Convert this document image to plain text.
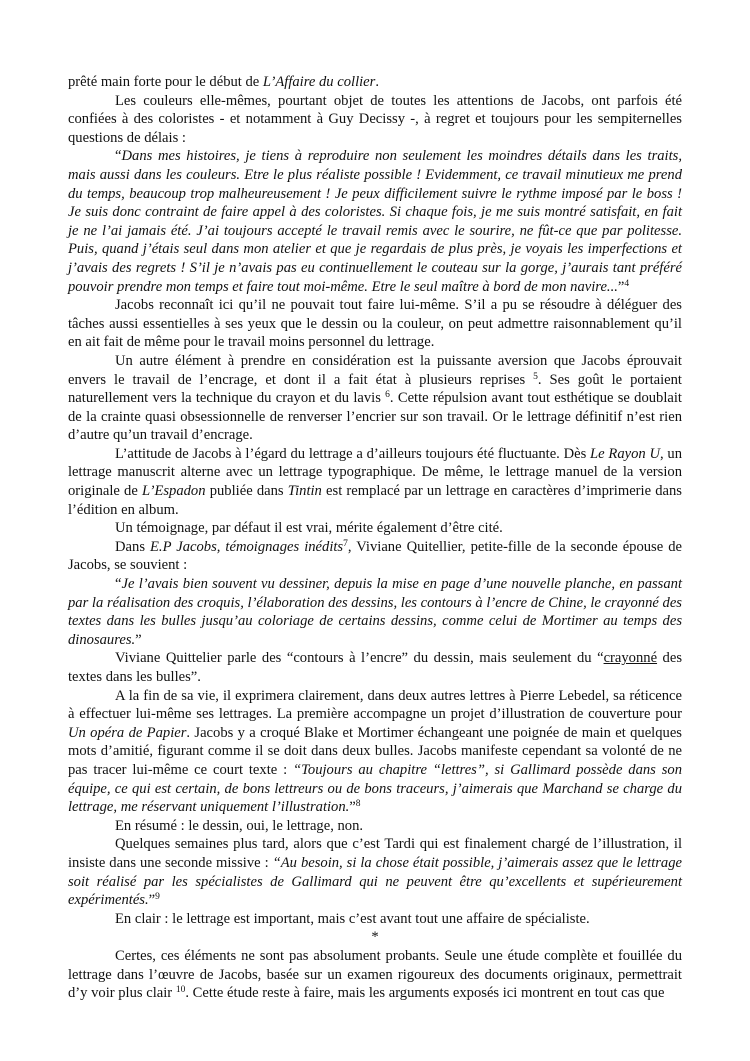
prêté main forte pour le début de L’Affaire du collier.

Les couleurs elle-mêmes, pourtant objet de toutes les attentions de Jacobs, ont parfois été confiées à des coloristes - et notamment à Guy Decissy -, à regret et toujours pour les sempiternelles questions de délais :

“Dans mes histoires, je tiens à reproduire non seulement les moindres détails dans les traits, mais aussi dans les couleurs. Etre le plus réaliste possible ! Evidemment, ce travail minutieux me prend du temps, beaucoup trop malheureusement ! Je peux difficilement suivre le rythme imposé par le boss ! Je suis donc contraint de faire appel à des coloristes. Si chaque fois, je me suis montré satisfait, en fait je ne l’ai jamais été. J’ai toujours accepté le travail remis avec le sourire, ne fût-ce que par politesse. Puis, quand j’étais seul dans mon atelier et que je regardais de plus près, je voyais les imperfections et j’avais des regrets ! S’il je n’avais pas eu continuellement le couteau sur la gorge, j’aurais tant préféré pouvoir prendre mon temps et faire tout moi-même. Etre le seul maître à bord de mon navire...”$^4$

Jacobs reconnaît ici qu’il ne pouvait tout faire lui-même. S’il a pu se résoudre à déléguer des tâches aussi essentielles à ses yeux que le dessin ou la couleur, on peut admettre raisonnablement qu’il en ait fait de même pour le travail moins personnel du lettrage.

Un autre élément à prendre en considération est la puissante aversion que Jacobs éprouvait envers le travail de l’encrage, et dont il a fait état à plusieurs reprises $^5$. Ses goût le portaient naturellement vers la technique du crayon et du lavis $^6$. Cette répulsion avant tout esthétique se doublait de la crainte quasi obsessionnelle de renverser l’encrier sur son travail. Or le lettrage définitif n’est rien d’autre qu’un travail d’encrage.

L’attitude de Jacobs à l’égard du lettrage a d’ailleurs toujours été fluctuante. Dès Le Rayon U, un lettrage manuscrit alterne avec un lettrage typographique. De même, le lettrage manuel de la version originale de L’Espadon publiée dans Tintin est remplacé par un lettrage en caractères d’imprimerie dans l’édition en album.

Un témoignage, par défaut il est vrai, mérite également d’être cité.

Dans E.P Jacobs, témoignages inédits$^7$, Viviane Quitellier, petite-fille de la seconde épouse de Jacobs, se souvient :

“Je l’avais bien souvent vu dessiner, depuis la mise en page d’une nouvelle planche, en passant par la réalisation des croquis, l’élaboration des dessins, les contours à l’encre de Chine, le crayonné des textes dans les bulles jusqu’au coloriage de certains dessins, comme celui de Mortimer au temps des dinosaures.”

Viviane Quittelier parle des “contours à l’encre” du dessin, mais seulement du “crayonné des textes dans les bulles”.

A la fin de sa vie, il exprimera clairement, dans deux autres lettres à Pierre Lebedel, sa réticence à effectuer lui-même ses lettrages. La première accompagne un projet d’illustration de couverture pour Un opéra de Papier. Jacobs y a croqué Blake et Mortimer échangeant une poignée de main et quelques mots d’amitié, figurant comme il se doit dans deux bulles. Jacobs manifeste cependant sa volonté de ne pas tracer lui-même ce court texte : “Toujours au chapitre “lettres”, si Gallimard possède dans son équipe, ce qui est certain, de bons lettreurs ou de bons traceurs, j’aimerais que Marchand se charge du lettrage, me réservant uniquement l’illustration.”$^8$

En résumé : le dessin, oui, le lettrage, non.

Quelques semaines plus tard, alors que c’est Tardi qui est finalement chargé de l’illustration, il insiste dans une seconde missive : “Au besoin, si la chose était possible, j’aimerais assez que le lettrage soit réalisé par les spécialistes de Gallimard qui ne peuvent être qu’excellents et supérieurement expérimentés.”$^9$

En clair : le lettrage est important, mais c’est avant tout une affaire de spécialiste.

*

Certes, ces éléments ne sont pas absolument probants. Seule une étude complète et fouillée du lettrage dans l’œuvre de Jacobs, basée sur un examen rigoureux des documents originaux, permettrait d’y voir plus clair $^{10}$. Cette étude reste à faire, mais les arguments exposés ici montrent en tout cas que
